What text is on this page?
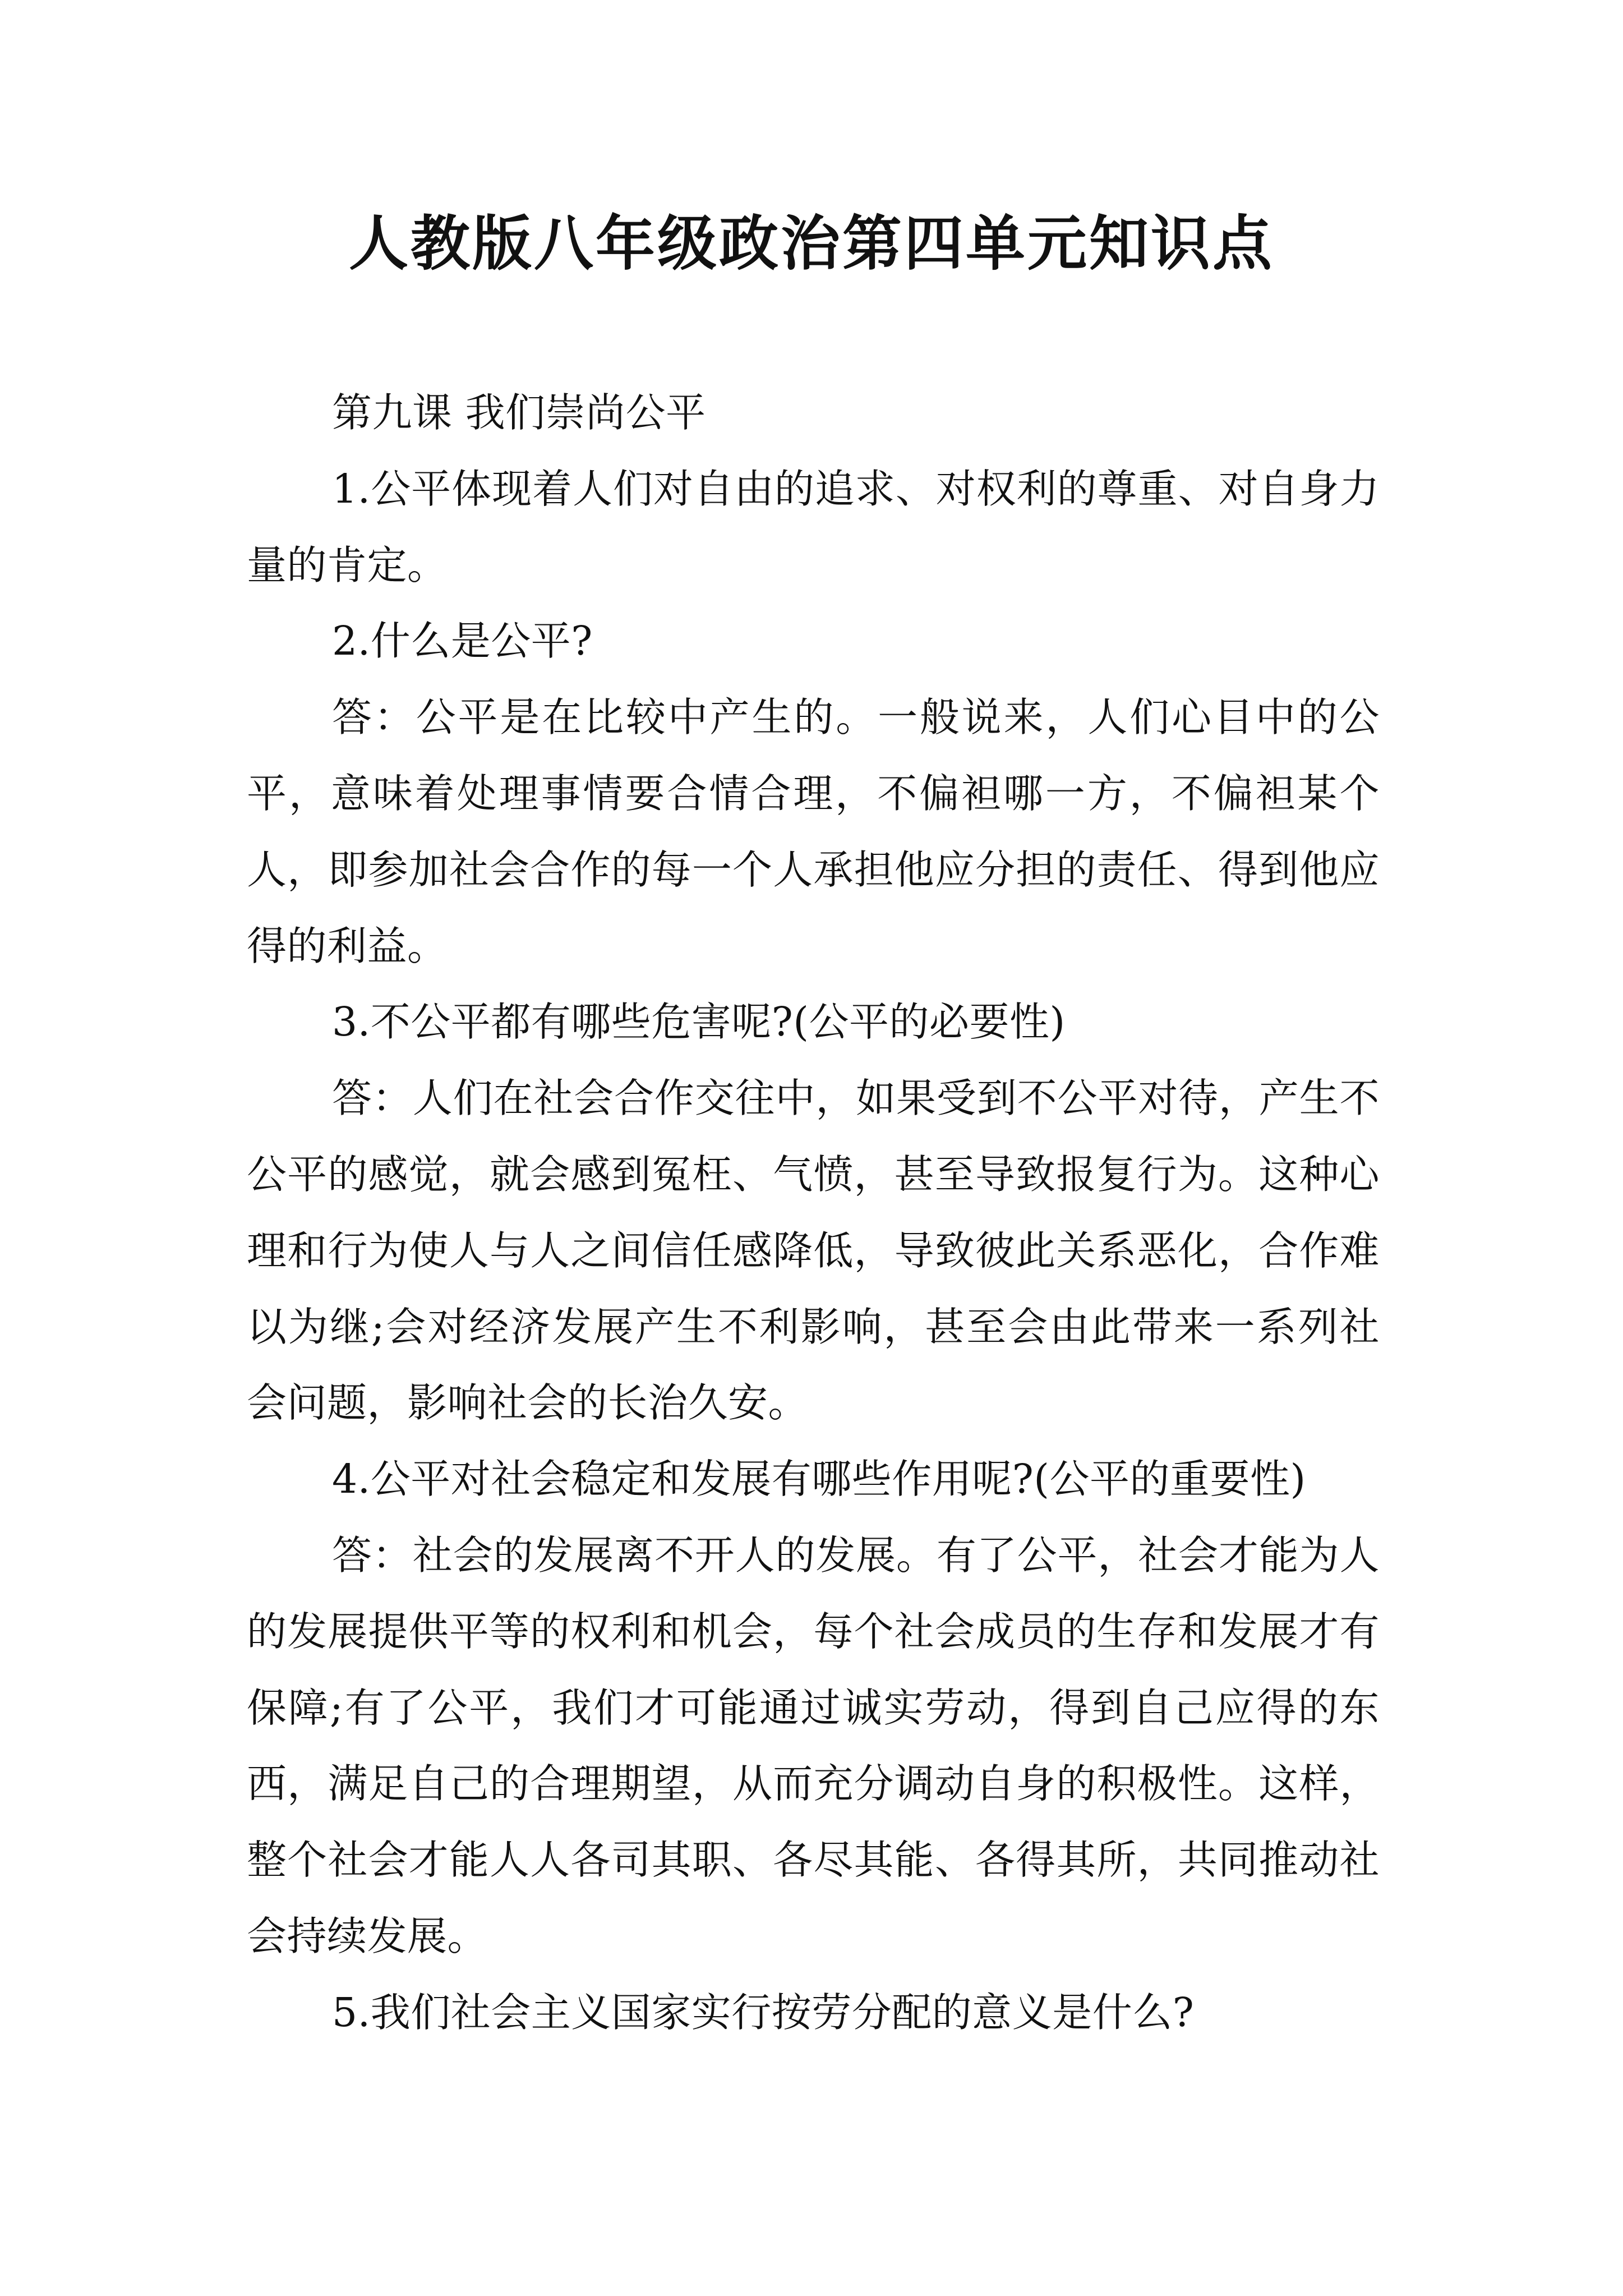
人教版八年级政治第四单元知识点

第九课 我们崇尚公平

1.公平体现着人们对自由的追求、对权利的尊重、对自身力量的肯定。

2.什么是公平?

答：公平是在比较中产生的。一般说来，人们心目中的公平，意味着处理事情要合情合理，不偏袒哪一方，不偏袒某个人，即参加社会合作的每一个人承担他应分担的责任、得到他应得的利益。

3.不公平都有哪些危害呢?(公平的必要性)

答：人们在社会合作交往中，如果受到不公平对待，产生不公平的感觉，就会感到冤枉、气愤，甚至导致报复行为。这种心理和行为使人与人之间信任感降低，导致彼此关系恶化，合作难以为继;会对经济发展产生不利影响，甚至会由此带来一系列社会问题，影响社会的长治久安。

4.公平对社会稳定和发展有哪些作用呢?(公平的重要性)

答：社会的发展离不开人的发展。有了公平，社会才能为人的发展提供平等的权利和机会，每个社会成员的生存和发展才有保障;有了公平，我们才可能通过诚实劳动，得到自己应得的东西，满足自己的合理期望，从而充分调动自身的积极性。这样，整个社会才能人人各司其职、各尽其能、各得其所，共同推动社会持续发展。

5.我们社会主义国家实行按劳分配的意义是什么?
